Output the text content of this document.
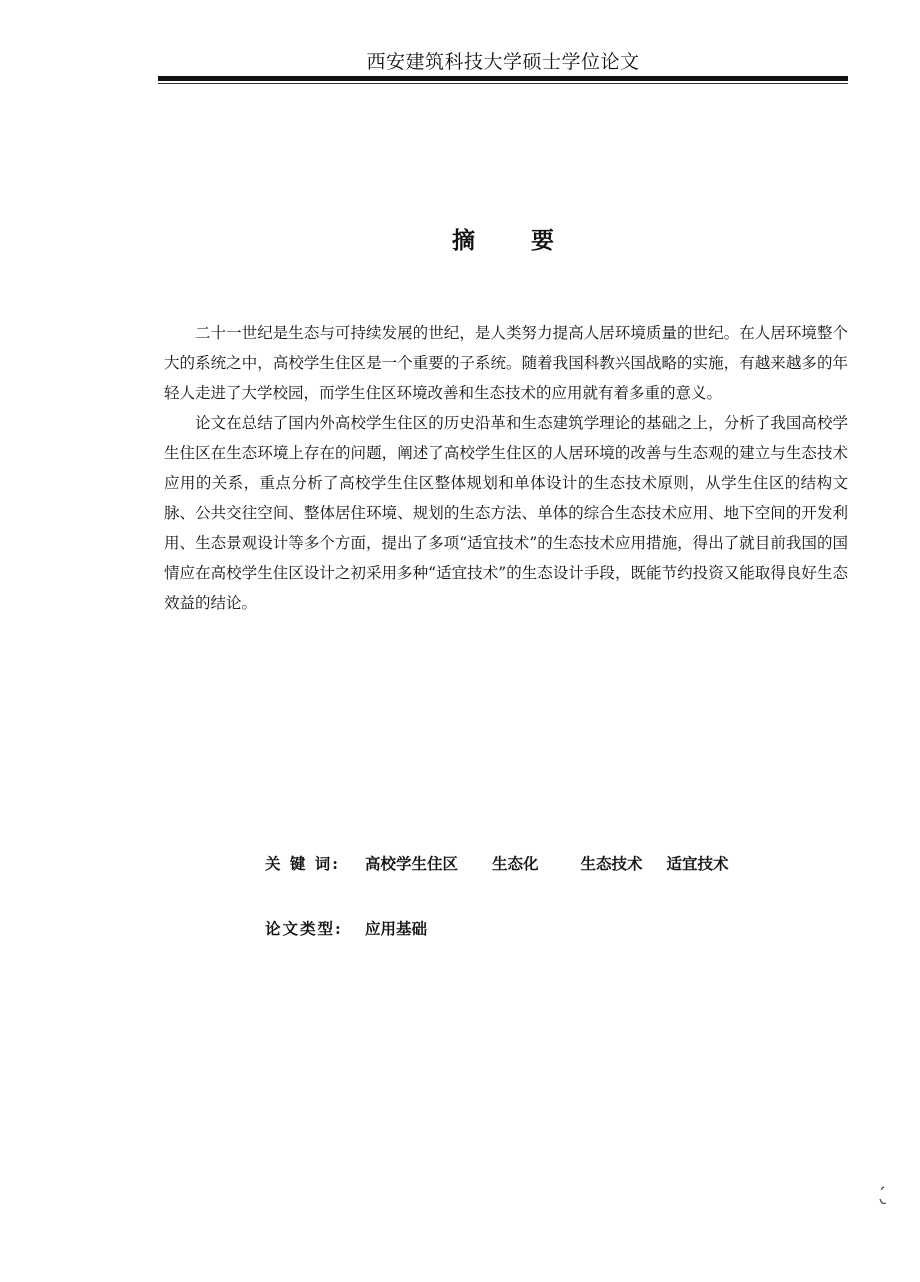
西安建筑科技大学硕士学位论文
摘 要

二十一世纪是生态与可持续发展的世纪，是人类努力提高人居环境质量的世纪。在人居环境整个大的系统之中，高校学生住区是一个重要的子系统。随着我国科教兴国战略的实施，有越来越多的年轻人走进了大学校园，而学生住区环境改善和生态技术的应用就有着多重的意义。

论文在总结了国内外高校学生住区的历史沿革和生态建筑学理论的基础之上，分析了我国高校学生住区在生态环境上存在的问题，阐述了高校学生住区的人居环境的改善与生态观的建立与生态技术应用的关系，重点分析了高校学生住区整体规划和单体设计的生态技术原则，从学生住区的结构文脉、公共交往空间、整体居住环境、规划的生态方法、单体的综合生态技术应用、地下空间的开发利用、生态景观设计等多个方面，提出了多项“适宜技术”的生态技术应用措施，得出了就目前我国的国情应在高校学生住区设计之初采用多种“适宜技术”的生态设计手段，既能节约投资又能取得良好生态效益的结论。

关 键 词:	高校学生住区 生态化	生态技术 适宜技术
论文类型:	应用基础
